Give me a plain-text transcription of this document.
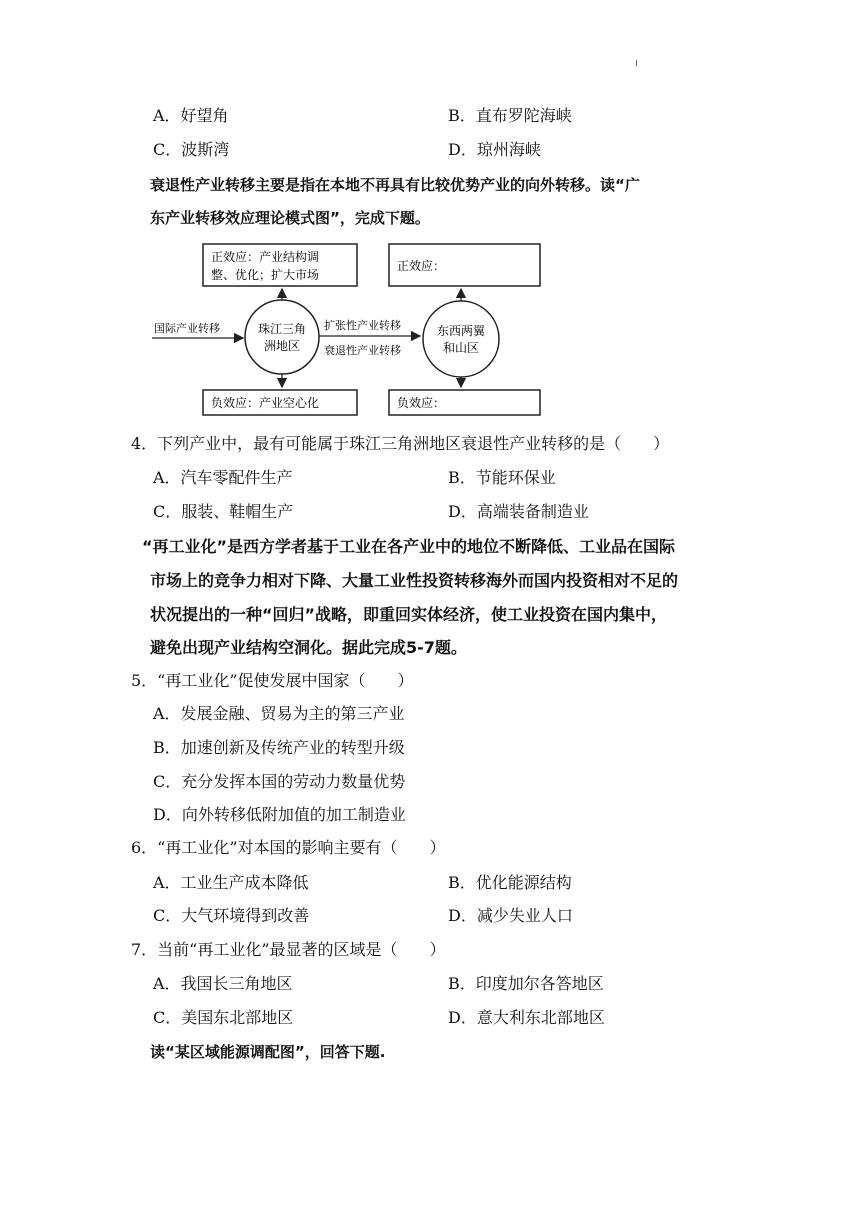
A．好望角	B．直布罗陀海峡
C．波斯湾	D．琼州海峡
衰退性产业转移主要是指在本地不再具有比较优势产业的向外转移。读“广
东产业转移效应理论模式图”，完成下题。
正效应：产业结构调
整、优化；扩大市场
正效应：
负效应：产业空心化	负效应：
国际产业转移	珠江三角
洲地区
东西两翼
和山区
扩张性产业转移
衰退性产业转移
4．下列产业中，最有可能属于珠江三角洲地区衰退性产业转移的是（　　）
A．汽车零配件生产	B．节能环保业
C．服装、鞋帽生产	D．高端装备制造业
“再工业化”是西方学者基于工业在各产业中的地位不断降低、工业品在国际
市场上的竞争力相对下降、大量工业性投资转移海外而国内投资相对不足的
状况提出的一种“回归”战略，即重回实体经济，使工业投资在国内集中，
避免出现产业结构空洞化。据此完成5-7题。
5．“再工业化”促使发展中国家（　　）
A．发展金融、贸易为主的第三产业
B．加速创新及传统产业的转型升级
C．充分发挥本国的劳动力数量优势
D．向外转移低附加值的加工制造业
6．“再工业化”对本国的影响主要有（　　）
A．工业生产成本降低	B．优化能源结构
C．大气环境得到改善	D．减少失业人口
7．当前“再工业化”最显著的区域是（　　）
A．我国长三角地区	B．印度加尔各答地区
C．美国东北部地区	D．意大利东北部地区
读“某区域能源调配图”，回答下题.
